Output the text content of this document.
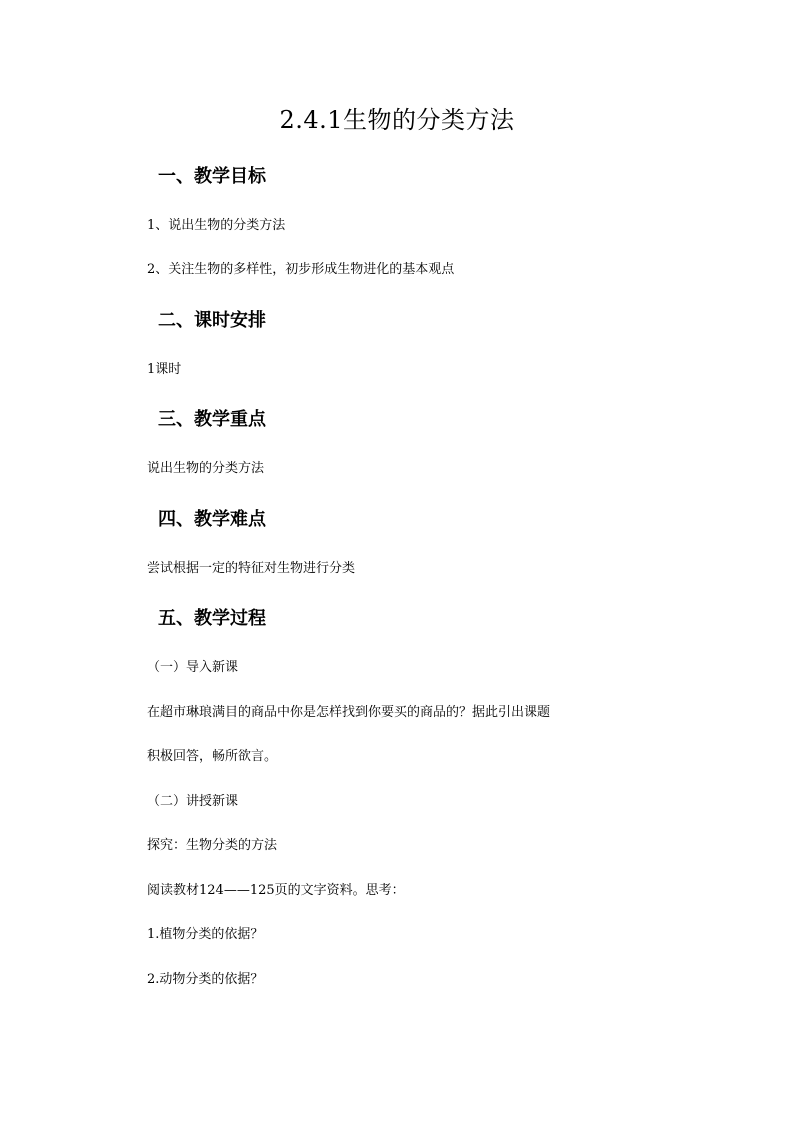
2.4.1生物的分类方法
一、教学目标
1、说出生物的分类方法
2、关注生物的多样性，初步形成生物进化的基本观点
二、课时安排
1课时
三、教学重点
说出生物的分类方法
四、教学难点
尝试根据一定的特征对生物进行分类
五、教学过程
（一）导入新课
在超市琳琅满目的商品中你是怎样找到你要买的商品的？据此引出课题
积极回答，畅所欲言。
（二）讲授新课
探究：生物分类的方法
阅读教材124——125页的文字资料。思考：
1.植物分类的依据？
2.动物分类的依据？
